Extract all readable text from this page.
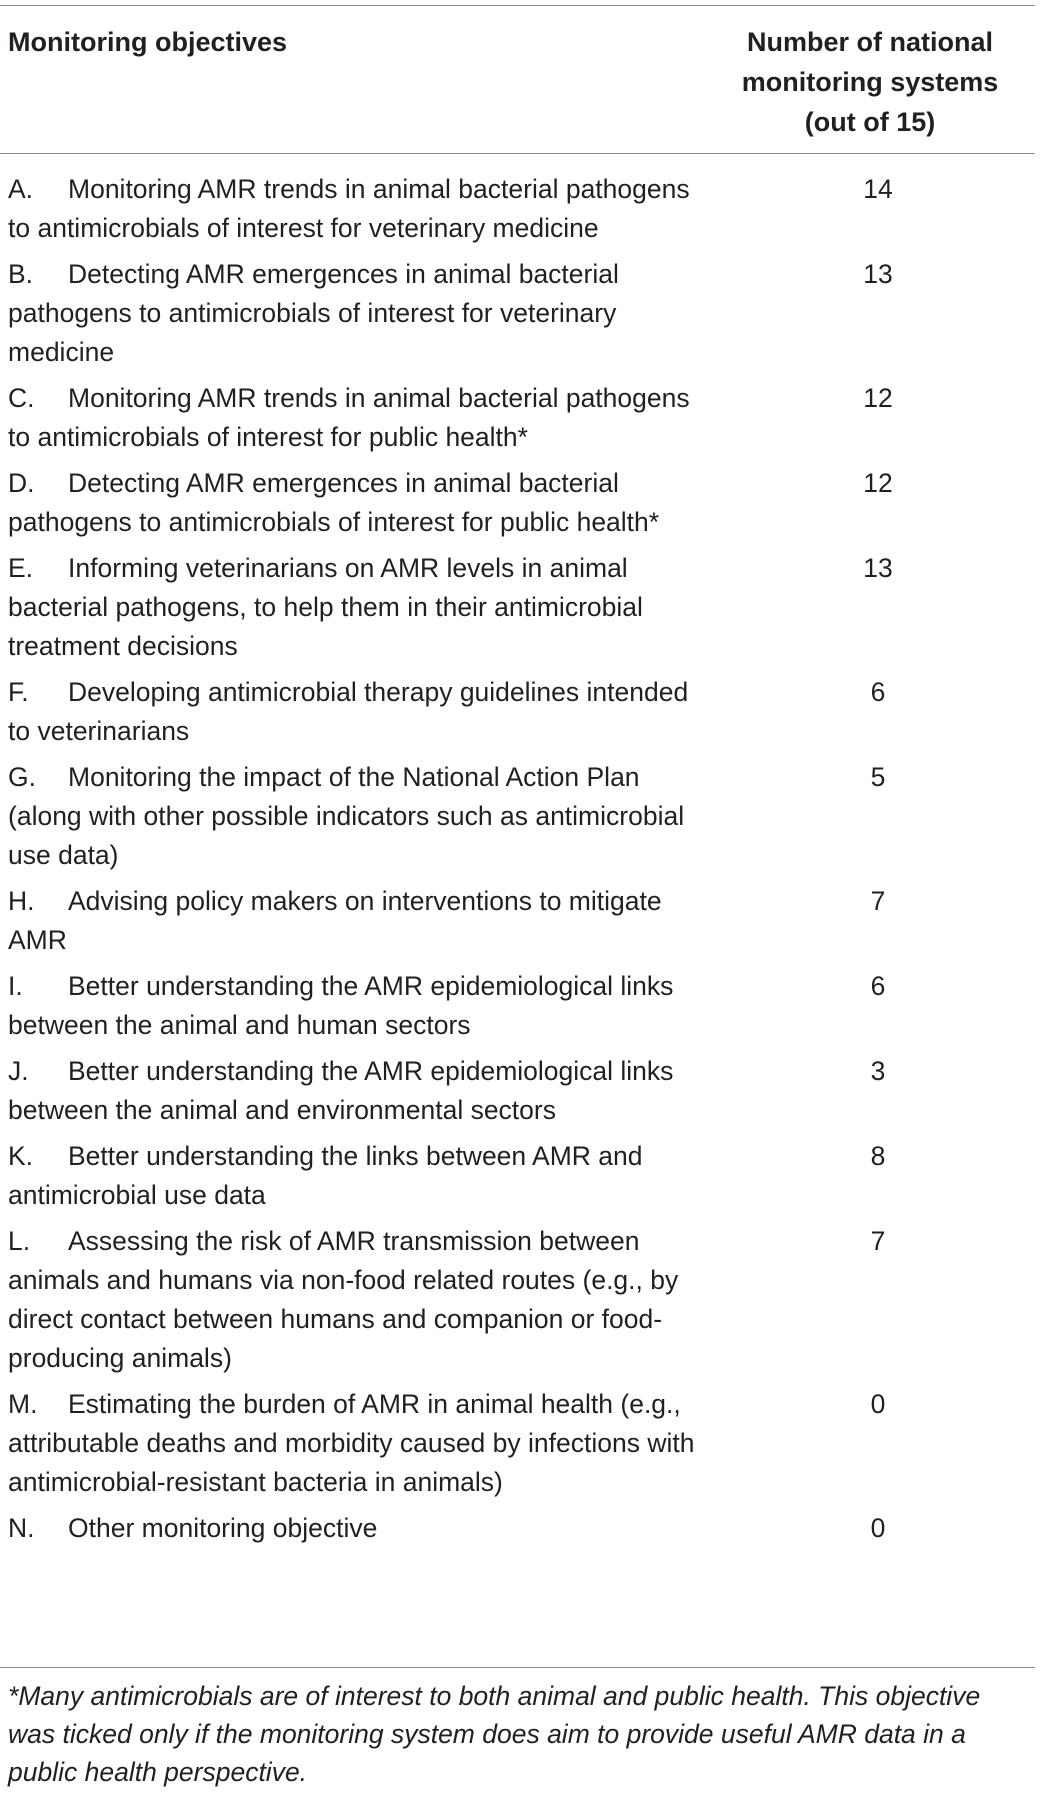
Monitoring objectives	Number of national
monitoring systems
(out of 15)
A. Monitoring AMR trends in animal bacterial pathogens to antimicrobials of interest for veterinary medicine
14
B. Detecting AMR emergences in animal bacterial pathogens to antimicrobials of interest for veterinary medicine
13
C. Monitoring AMR trends in animal bacterial pathogens to antimicrobials of interest for public health*
12
D. Detecting AMR emergences in animal bacterial pathogens to antimicrobials of interest for public health*
12
E. Informing veterinarians on AMR levels in animal bacterial pathogens, to help them in their antimicrobial treatment decisions
13
F. Developing antimicrobial therapy guidelines intended to veterinarians
6
G. Monitoring the impact of the National Action Plan (along with other possible indicators such as antimicrobial use data)
5
H. Advising policy makers on interventions to mitigate AMR
7
I. Better understanding the AMR epidemiological links between the animal and human sectors
6
J. Better understanding the AMR epidemiological links between the animal and environmental sectors
3
K. Better understanding the links between AMR and antimicrobial use data
8
L. Assessing the risk of AMR transmission between animals and humans via non-food related routes (e.g., by direct contact between humans and companion or food-producing animals)
7
M. Estimating the burden of AMR in animal health (e.g., attributable deaths and morbidity caused by infections with antimicrobial-resistant bacteria in animals)
0
N. Other monitoring objective	0
*Many antimicrobials are of interest to both animal and public health. This objective was ticked only if the monitoring system does aim to provide useful AMR data in a public health perspective.
